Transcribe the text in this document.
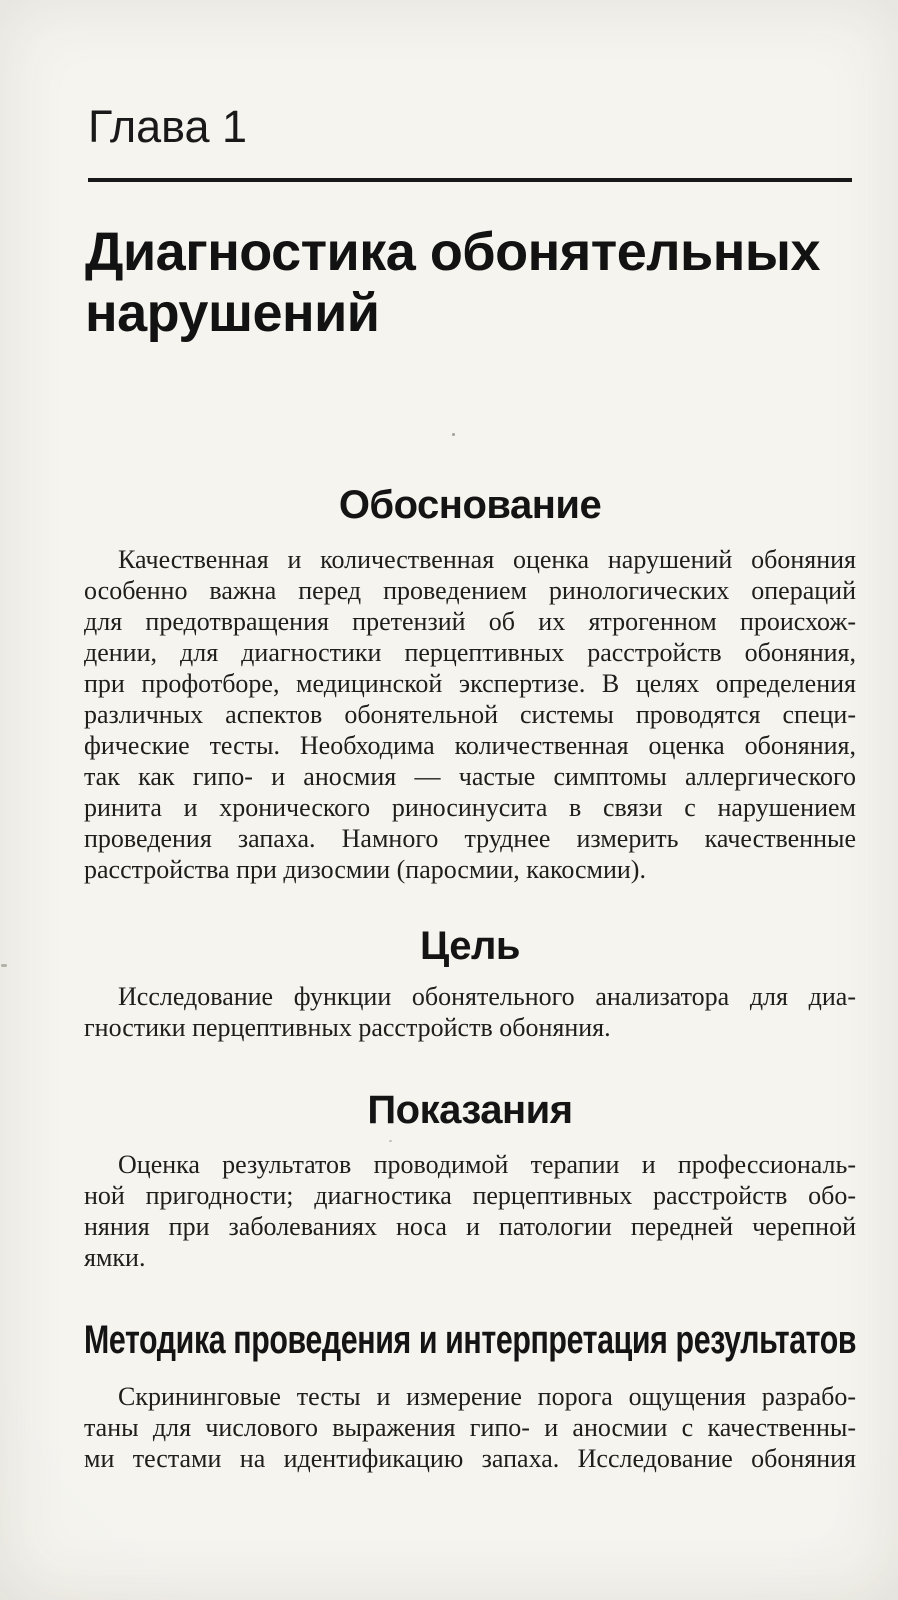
Глава 1
Диагностика обонятельных
нарушений
Обоснование
Качественная и количественная оценка нарушений обоняния
особенно важна перед проведением ринологических операций
для предотвращения претензий об их ятрогенном происхож-
дении, для диагностики перцептивных расстройств обоняния,
при профотборе, медицинской экспертизе. В целях определения
различных аспектов обонятельной системы проводятся специ-
фические тесты. Необходима количественная оценка обоняния,
так как гипо- и аносмия — частые симптомы аллергического
ринита и хронического риносинусита в связи с нарушением
проведения запаха. Намного труднее измерить качественные
расстройства при дизосмии (паросмии, какосмии).
Цель
Исследование функции обонятельного анализатора для диа-
гностики перцептивных расстройств обоняния.
Показания
Оценка результатов проводимой терапии и профессиональ-
ной пригодности; диагностика перцептивных расстройств обо-
няния при заболеваниях носа и патологии передней черепной
ямки.
Методика проведения и интерпретация результатов
Скрининговые тесты и измерение порога ощущения разрабо-
таны для числового выражения гипо- и аносмии с качественны-
ми тестами на идентификацию запаха. Исследование обоняния
